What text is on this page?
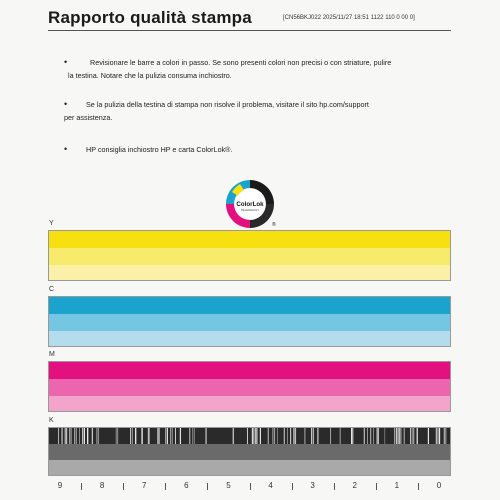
Rapporto qualità stampa	[CN56BKJ022 2025/11/27 18:51 1122 110 0 00 0]
•	Revisionare le barre a colori in passo. Se sono presenti colori non precisi o con striature, pulire
la testina. Notare che la pulizia consuma inchiostro.
•	Se la pulizia della testina di stampa non risolve il problema, visitare il sito hp.com/support
per assistenza.
•	HP consiglia inchiostro HP e carta ColorLok®.
ColorLok
TECHNOLOGY
®
Y
C
M
K
9	8	7	6	5	4	3	2	1	0
